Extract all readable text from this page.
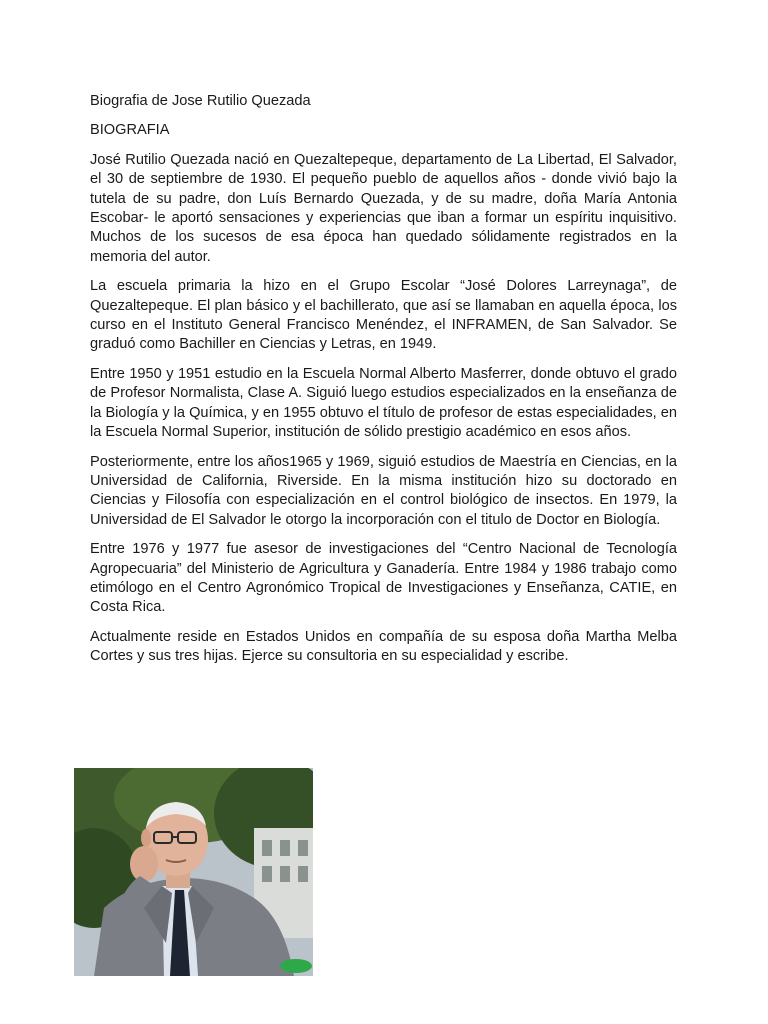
Biografia de Jose Rutilio Quezada

BIOGRAFIA

José Rutilio Quezada nació en Quezaltepeque, departamento de La Libertad, El Salvador, el 30 de septiembre de 1930. El pequeño pueblo de aquellos años - donde vivió bajo la tutela de su padre, don Luís Bernardo Quezada, y de su madre, doña María Antonia Escobar- le aportó sensaciones y experiencias que iban a formar un espíritu inquisitivo. Muchos de los sucesos de esa época han quedado sólidamente registrados en la memoria del autor.

La escuela primaria la hizo en el Grupo Escolar “José Dolores Larreynaga”, de Quezaltepeque. El plan básico y el bachillerato, que así se llamaban en aquella época, los curso en el Instituto General Francisco Menéndez, el INFRAMEN, de San Salvador. Se graduó como Bachiller en Ciencias y Letras, en 1949.

Entre 1950 y 1951 estudio en la Escuela Normal Alberto Masferrer, donde obtuvo el grado de Profesor Normalista, Clase A. Siguió luego estudios especializados en la enseñanza de la Biología y la Química, y en 1955 obtuvo el título de profesor de estas especialidades, en la Escuela Normal Superior, institución de sólido prestigio académico en esos años.

Posteriormente, entre los años1965 y 1969, siguió estudios de Maestría en Ciencias, en la Universidad de California, Riverside. En la misma institución hizo su doctorado en Ciencias y Filosofía con especialización en el control biológico de insectos. En 1979, la Universidad de El Salvador le otorgo la incorporación con el titulo de Doctor en Biología.

Entre 1976 y 1977 fue asesor de investigaciones del “Centro Nacional de Tecnología Agropecuaria” del Ministerio de Agricultura y Ganadería. Entre 1984 y 1986 trabajo como etimólogo en el Centro Agronómico Tropical de Investigaciones y Enseñanza, CATIE, en Costa Rica.

Actualmente reside en Estados Unidos en compañía de su esposa doña Martha Melba Cortes y sus tres hijas. Ejerce su consultoria en su especialidad y escribe.
